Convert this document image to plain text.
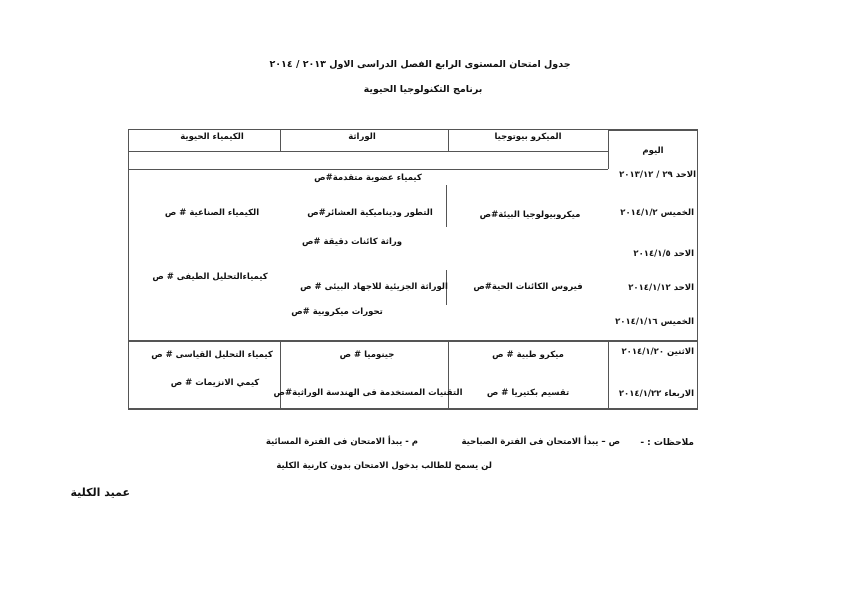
جدول امتحان المستوى الرابع الفصل الدراسى الاول ٢٠١٣ / ٢٠١٤
برنامج التكنولوجيا الحيوية
اليوم
الميكرو بيوتوجيا
الوراثة
الكيمياء الحيوية
الاحد ٢٩ / ٢٠١٣/١٢
الخميس ٢٠١٤/١/٢
الاحد ٢٠١٤/١/٥
الاحد ٢٠١٤/١/١٢
الخميس ٢٠١٤/١/١٦
الاثنين ٢٠١٤/١/٢٠
الاربعاء ٢٠١٤/١/٢٢
كيمياء عضوية متقدمة#ص
وراثة كائنات دقيقة #ص
تحورات ميكروبية #ص
ميكروبيولوجيا البيئة#ص
فيروس الكائنات الحية#ص
ميكرو طبية # ص
تقسيم بكتيريا # ص
التطور وديناميكية العشائر#ص
الوراثة الجزيئية للاجهاد البيئى # ص
جينوميا # ص
التقنيات المستخدمة فى الهندسة الوراثية#ص
الكيمياء الصناعية # ص
كيمياءالتحليل الطيفى # ص
كيمياء التحليل القياسى # ص
كيمي الانزيمات # ص
ملاحظات : -
ص – يبدأ الامتحان فى الفترة الصباحية
م - يبدأ الامتحان فى الفترة المسائية
لن يسمح للطالب بدخول الامتحان بدون كارنية الكلية
عميد الكلية
